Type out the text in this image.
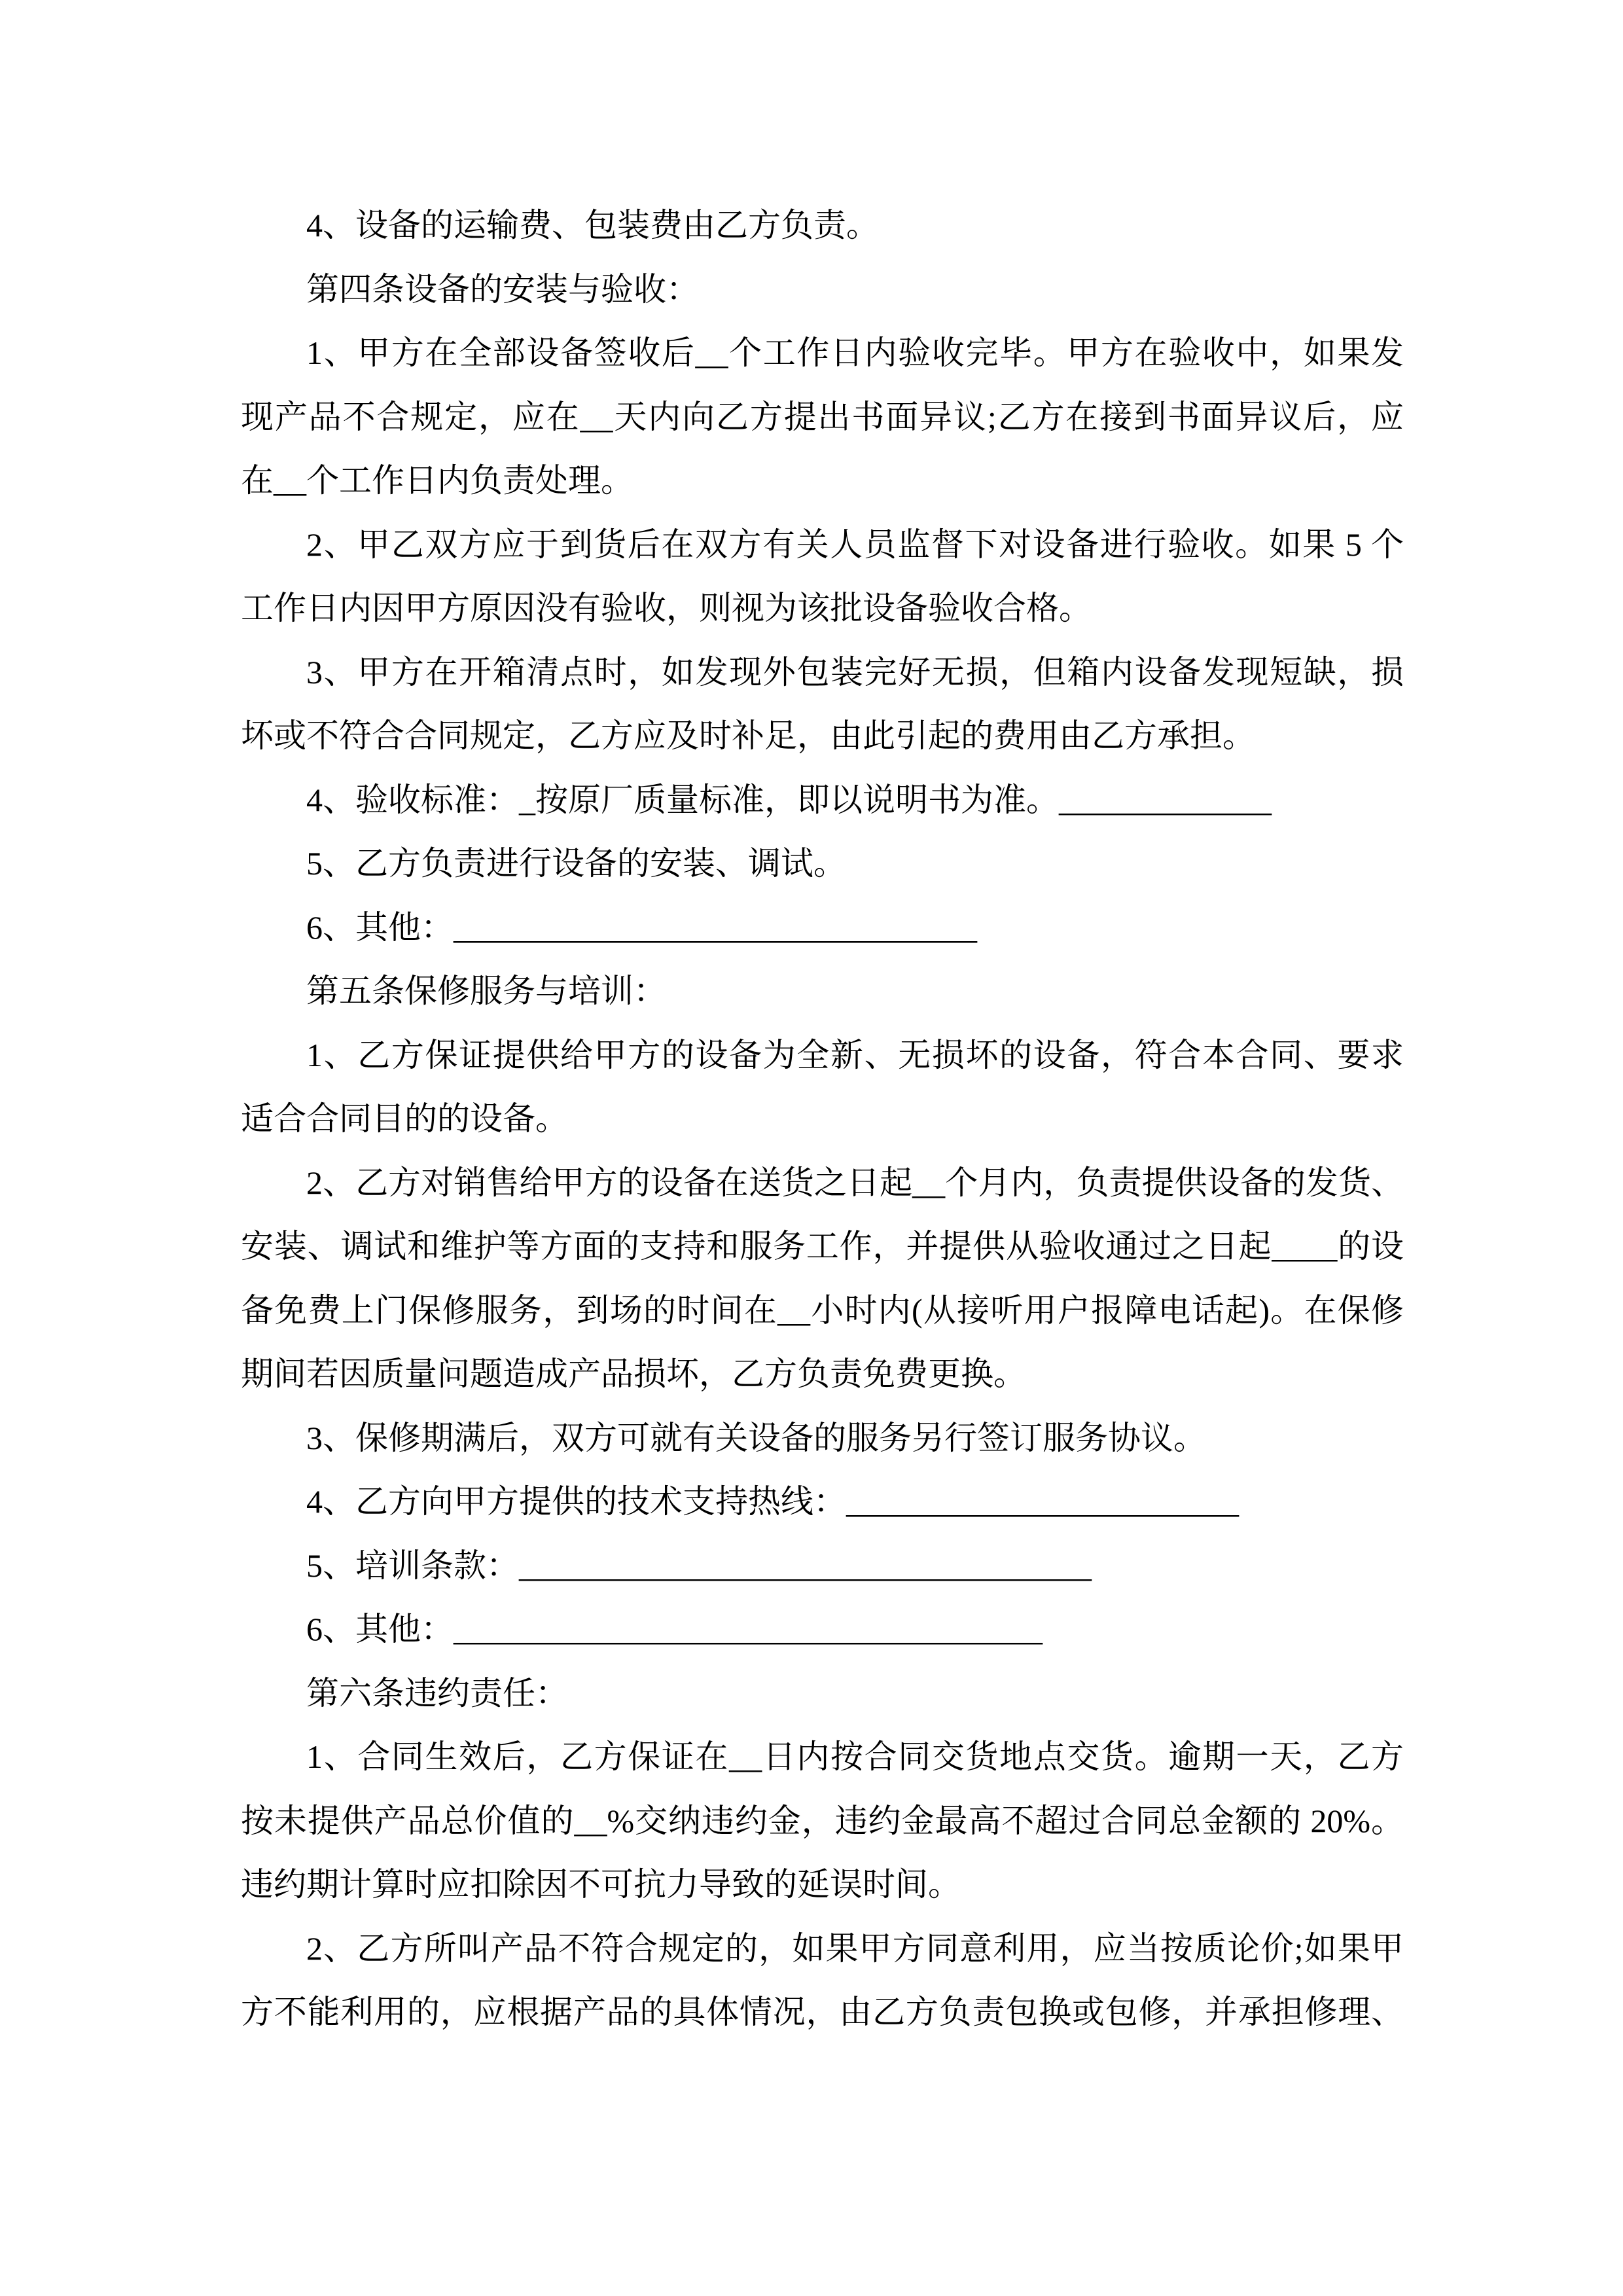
4、设备的运输费、包装费由乙方负责。
第四条设备的安装与验收：
1、甲方在全部设备签收后__个工作日内验收完毕。甲方在验收中，如果发
现产品不合规定，应在__天内向乙方提出书面异议;乙方在接到书面异议后，应
在__个工作日内负责处理。
2、甲乙双方应于到货后在双方有关人员监督下对设备进行验收。如果 5 个
工作日内因甲方原因没有验收，则视为该批设备验收合格。
3、甲方在开箱清点时，如发现外包装完好无损，但箱内设备发现短缺，损
坏或不符合合同规定，乙方应及时补足，由此引起的费用由乙方承担。
4、验收标准：_按原厂质量标准，即以说明书为准。_____________
5、乙方负责进行设备的安装、调试。
6、其他：________________________________
第五条保修服务与培训：
1、乙方保证提供给甲方的设备为全新、无损坏的设备，符合本合同、要求
适合合同目的的设备。
2、乙方对销售给甲方的设备在送货之日起__个月内，负责提供设备的发货、
安装、调试和维护等方面的支持和服务工作，并提供从验收通过之日起____的设
备免费上门保修服务，到场的时间在__小时内(从接听用户报障电话起)。在保修
期间若因质量问题造成产品损坏，乙方负责免费更换。
3、保修期满后，双方可就有关设备的服务另行签订服务协议。
4、乙方向甲方提供的技术支持热线：________________________
5、培训条款：___________________________________
6、其他：____________________________________
第六条违约责任：
1、合同生效后，乙方保证在__日内按合同交货地点交货。逾期一天，乙方
按未提供产品总价值的__%交纳违约金，违约金最高不超过合同总金额的 20%。
违约期计算时应扣除因不可抗力导致的延误时间。
2、乙方所叫产品不符合规定的，如果甲方同意利用，应当按质论价;如果甲
方不能利用的，应根据产品的具体情况，由乙方负责包换或包修，并承担修理、
